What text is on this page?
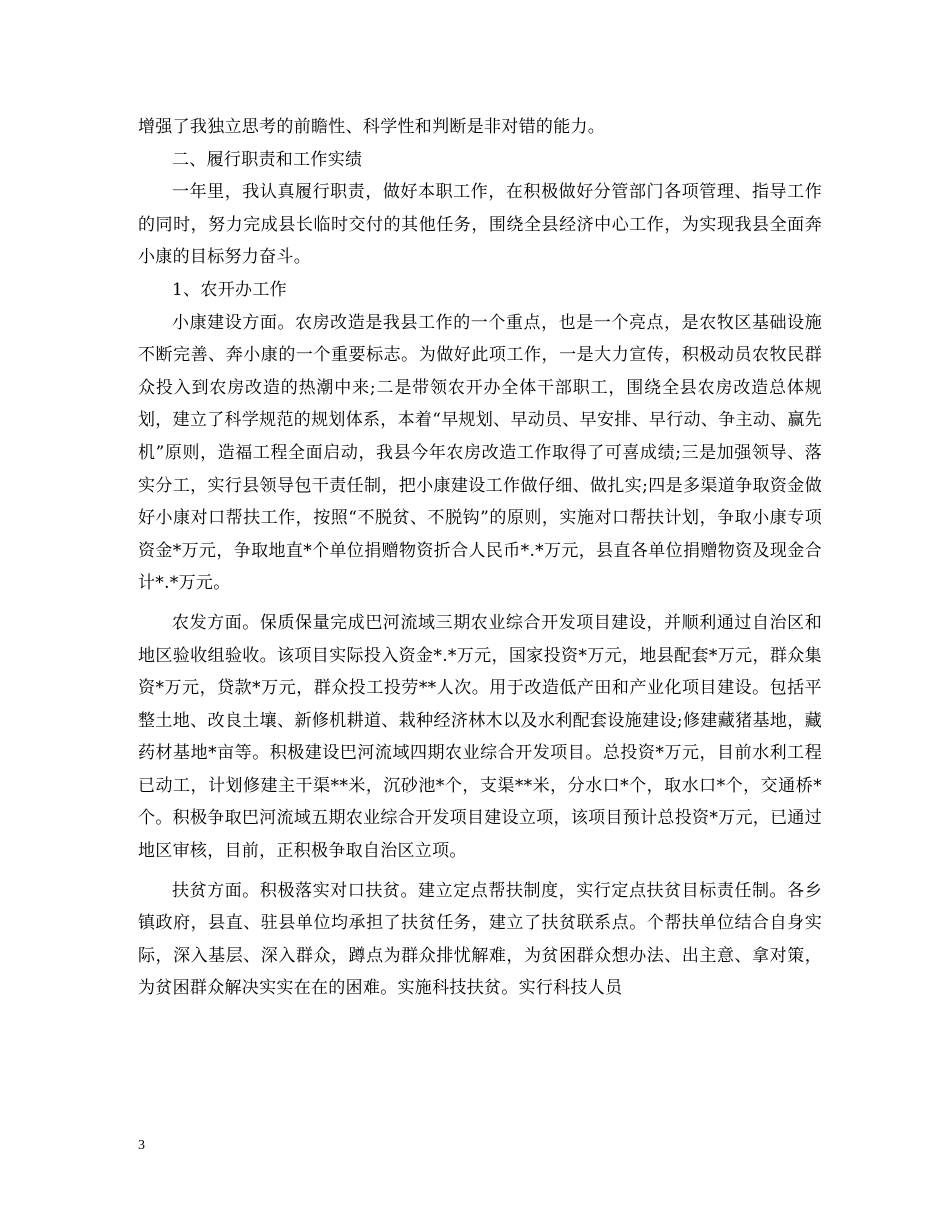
增强了我独立思考的前瞻性、科学性和判断是非对错的能力。

二、履行职责和工作实绩

一年里，我认真履行职责，做好本职工作，在积极做好分管部门各项管理、指导工作的同时，努力完成县长临时交付的其他任务，围绕全县经济中心工作，为实现我县全面奔小康的目标努力奋斗。

1、农开办工作

小康建设方面。农房改造是我县工作的一个重点，也是一个亮点，是农牧区基础设施不断完善、奔小康的一个重要标志。为做好此项工作，一是大力宣传，积极动员农牧民群众投入到农房改造的热潮中来;二是带领农开办全体干部职工，围绕全县农房改造总体规划，建立了科学规范的规划体系，本着“早规划、早动员、早安排、早行动、争主动、赢先机”原则，造福工程全面启动，我县今年农房改造工作取得了可喜成绩;三是加强领导、落实分工，实行县领导包干责任制，把小康建设工作做仔细、做扎实;四是多渠道争取资金做好小康对口帮扶工作，按照“不脱贫、不脱钩”的原则，实施对口帮扶计划，争取小康专项资金*万元，争取地直*个单位捐赠物资折合人民币*.*万元，县直各单位捐赠物资及现金合计*.*万元。

农发方面。保质保量完成巴河流域三期农业综合开发项目建设，并顺利通过自治区和地区验收组验收。该项目实际投入资金*.*万元，国家投资*万元，地县配套*万元，群众集资*万元，贷款*万元，群众投工投劳**人次。用于改造低产田和产业化项目建设。包括平整土地、改良土壤、新修机耕道、栽种经济林木以及水利配套设施建设;修建藏猪基地，藏药材基地*亩等。积极建设巴河流域四期农业综合开发项目。总投资*万元，目前水利工程已动工，计划修建主干渠**米，沉砂池*个，支渠**米，分水口*个，取水口*个，交通桥*个。积极争取巴河流域五期农业综合开发项目建设立项，该项目预计总投资*万元，已通过地区审核，目前，正积极争取自治区立项。

扶贫方面。积极落实对口扶贫。建立定点帮扶制度，实行定点扶贫目标责任制。各乡镇政府，县直、驻县单位均承担了扶贫任务，建立了扶贫联系点。个帮扶单位结合自身实际，深入基层、深入群众，蹲点为群众排忧解难，为贫困群众想办法、出主意、拿对策，为贫困群众解决实实在在的困难。实施科技扶贫。实行科技人员

3
